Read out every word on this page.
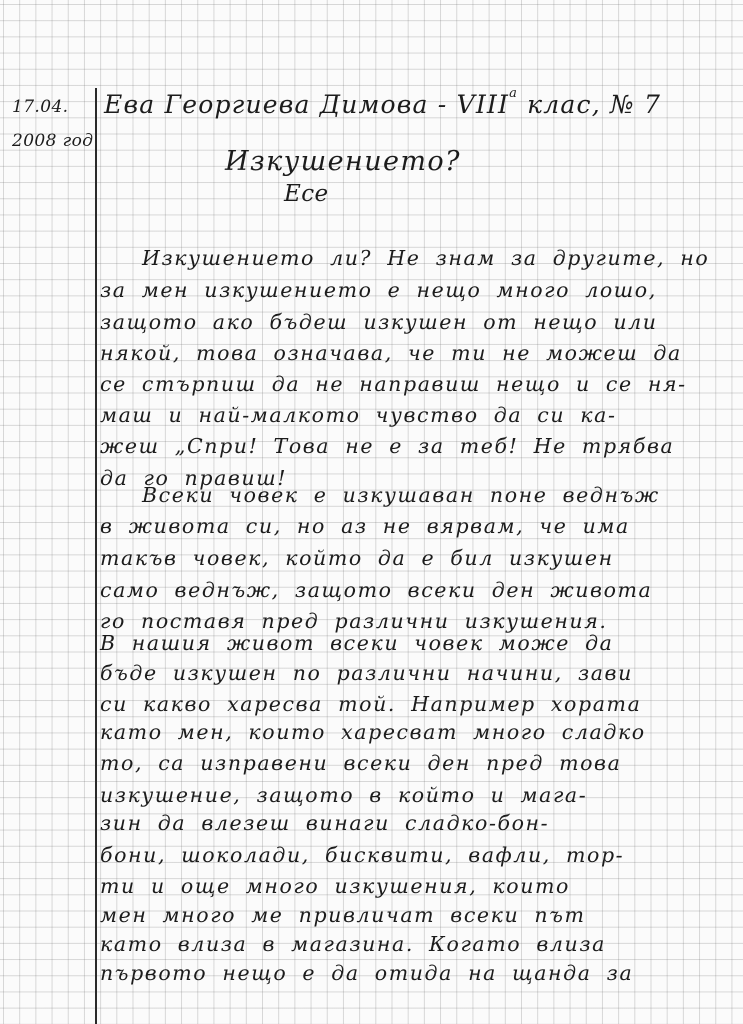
17.04.
2008 год
Ева Георгиева Димова - $VIII^а$ клас, № 7
Изкушението?
Есе
Изкушението ли? Не знам за другите, но
за мен изкушението е нещо много лошо,
защото ако бъдеш изкушен от нещо или
някой, това означава, че ти не можеш да
се стърпиш да не направиш нещо и се ня-
маш и най-малкото чувство да си ка-
жеш „Спри! Това не е за теб! Не трябва
да го правиш!
Всеки човек е изкушаван поне веднъж
в живота си, но аз не вярвам, че има
такъв човек, който да е бил изкушен
само веднъж, защото всеки ден живота
го поставя пред различни изкушения.
В нашия живот всеки човек може да
бъде изкушен по различни начини, зави
си какво харесва той. Например хората
като мен, които харесват много сладко
то, са изправени всеки ден пред това
изкушение, защото в който и мага-
зин да влезеш винаги сладко-бон-
бони, шоколади, бисквити, вафли, тор-
ти и още много изкушения, които
мен много ме привличат всеки път
като влиза в магазина. Когато влиза
първото нещо е да отида на щанда за
